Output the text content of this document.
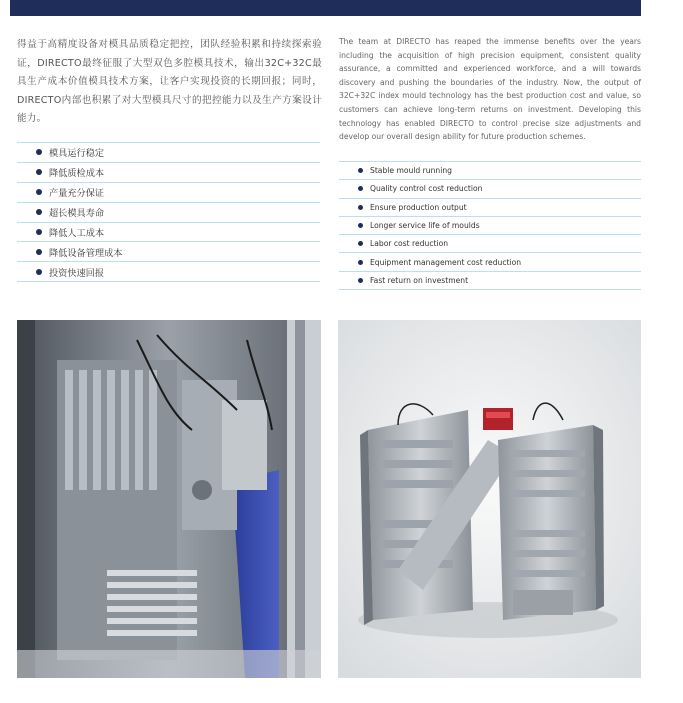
得益于高精度设备对模具品质稳定把控，团队经验积累和持续探索验证，DIRECTO最终征服了大型双色多腔模具技术，输出32C+32C最具生产成本价值模具技术方案，让客户实现投资的长期回报；同时，DIRECTO内部也积累了对大型模具尺寸的把控能力以及生产方案设计能力。
The team at DIRECTO has reaped the immense benefits over the years including the acquisition of high precision equipment, consistent quality assurance, a committed and experienced workforce, and a will towards discovery and pushing the boundaries of the industry. Now, the output of 32C+32C index mould technology has the best production cost and value, so customers can achieve long-term returns on investment. Developing this technology has enabled DIRECTO to control precise size adjustments and develop our overall design ability for future production schemes.
模具运行稳定
降低质检成本
产量充分保证
超长模具寿命
降低人工成本
降低设备管理成本
投资快速回报
Stable mould running
Quality control cost reduction
Ensure production output
Longer service life of moulds
Labor cost reduction
Equipment management cost reduction
Fast return on investment
